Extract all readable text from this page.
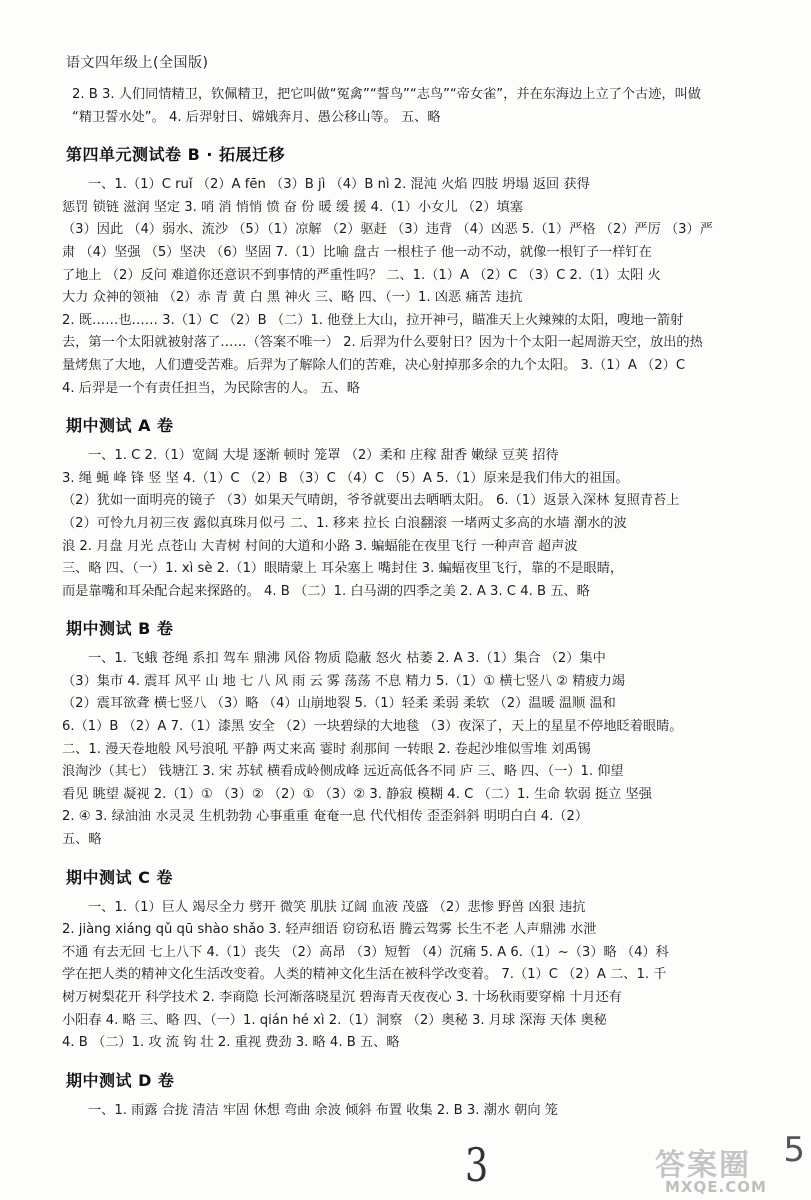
语文四年级上(全国版)

2. B 3. 人们同情精卫，钦佩精卫，把它叫做“冤禽”“誓鸟”“志鸟”“帝女雀”，并在东海边上立了个古迹，叫做

“精卫誓水处”。 4. 后羿射日、嫦娥奔月、愚公移山等。 五、略

第四单元测试卷 B · 拓展迁移

一、1.（1）C ruǐ （2）A fēn （3）B jì （4）B nì 2. 混沌 火焰 四肢 坍塌 返回 获得

惩罚 锁链 滋润 坚定 3. 哨 消 悄悄 愤 奋 份 暖 缓 援 4.（1）小女儿 （2）填塞

（3）因此 （4）弱水、流沙 （5）（1）凉解 （2）驱赶 （3）违背 （4）凶恶 5.（1）严格 （2）严厉 （3）严

肃 （4）坚强 （5）坚决 （6）坚固 7.（1）比喻 盘古 一根柱子 他一动不动，就像一根钉子一样钉在

了地上 （2）反问 难道你还意识不到事情的严重性吗？ 二、1.（1）A （2）C （3）C 2.（1）太阳 火

大力 众神的领袖 （2）赤 青 黄 白 黑 神火 三、略 四、（一）1. 凶恶 痛苦 违抗

2. 既……也…… 3.（1）C （2）B （二）1. 他登上大山，拉开神弓，瞄准天上火辣辣的太阳，嗖地一箭射

去，第一个太阳就被射落了……（答案不唯一） 2. 后羿为什么要射日？因为十个太阳一起周游天空，放出的热

量烤焦了大地，人们遭受苦难。后羿为了解除人们的苦难，决心射掉那多余的九个太阳。 3.（1）A （2）C

4. 后羿是一个有责任担当，为民除害的人。 五、略

期中测试 A 卷

一、1. C 2.（1）宽阔 大堤 逐渐 顿时 笼罩 （2）柔和 庄稼 甜香 嫩绿 豆荚 招待

3. 绳 蝇 峰 锋 竖 坚 4.（1）C （2）B （3）C （4）C （5）A 5.（1）原来是我们伟大的祖国。

（2）犹如一面明亮的镜子 （3）如果天气晴朗，爷爷就要出去晒晒太阳。 6.（1）返景入深林 复照青苔上

（2）可怜九月初三夜 露似真珠月似弓 二、1. 移来 拉长 白浪翻滚 一堵两丈多高的水墙 潮水的波

浪 2. 月盘 月光 点苍山 大青树 村间的大道和小路 3. 蝙蝠能在夜里飞行 一种声音 超声波

三、略 四、（一）1. xì sè 2.（1）眼睛蒙上 耳朵塞上 嘴封住 3. 蝙蝠夜里飞行，靠的不是眼睛，

而是靠嘴和耳朵配合起来探路的。 4. B （二）1. 白马湖的四季之美 2. A 3. C 4. B 五、略

期中测试 B 卷

一、1. 飞蛾 苍绳 系扣 驾车 鼎沸 风俗 物质 隐蔽 怒火 枯萎 2. A 3.（1）集合 （2）集中

（3）集市 4. 震耳 风平 山 地 七 八 风 雨 云 雾 荡荡 不息 精力 5.（1）① 横七竖八 ② 精疲力竭

（2）震耳欲聋 横七竖八 （3）略 （4）山崩地裂 5.（1）轻柔 柔弱 柔软 （2）温暖 温顺 温和

6.（1）B （2）A 7.（1）漆黑 安全 （2）一块碧绿的大地毯 （3）夜深了，天上的星星不停地眨着眼睛。

二、1. 漫天卷地般 风号浪吼 平静 两丈来高 霎时 刹那间 一转眼 2. 卷起沙堆似雪堆 刘禹锡

浪淘沙（其七） 钱塘江 3. 宋 苏轼 横看成岭侧成峰 远近高低各不同 庐 三、略 四、（一）1. 仰望

看见 眺望 凝视 2.（1）① （3）② （2）① （3）② 3. 静寂 模糊 4. C （二）1. 生命 软弱 挺立 坚强

2. ④ 3. 绿油油 水灵灵 生机勃勃 心事重重 奄奄一息 代代相传 歪歪斜斜 明明白白 4.（2）

五、略

期中测试 C 卷

一、1.（1）巨人 竭尽全力 劈开 微笑 肌肤 辽阔 血液 茂盛 （2）悲惨 野兽 凶狠 违抗

2. jiàng xiáng qǔ qū shào shǎo 3. 轻声细语 窃窃私语 腾云驾雾 长生不老 人声鼎沸 水泄

不通 有去无回 七上八下 4.（1）丧失 （2）高昂 （3）短暂 （4）沉痛 5. A 6.（1）~（3）略 （4）科

学在把人类的精神文化生活改变着。人类的精神文化生活在被科学改变着。 7.（1）C （2）A 二、1. 千

树万树梨花开 科学技术 2. 李商隐 长河渐落晓星沉 碧海青天夜夜心 3. 十场秋雨要穿棉 十月还有

小阳春 4. 略 三、略 四、（一）1. qián hé xì 2.（1）洞察 （2）奥秘 3. 月球 深海 天体 奥秘

4. B （二）1. 攻 流 钩 壮 2. 重视 费劲 3. 略 4. B 五、略

期中测试 D 卷

一、1. 雨露 合拢 清洁 牢固 休想 弯曲 余波 倾斜 布置 收集 2. B 3. 潮水 朝向 笼

3	5
答案圈
MXQE.COM
